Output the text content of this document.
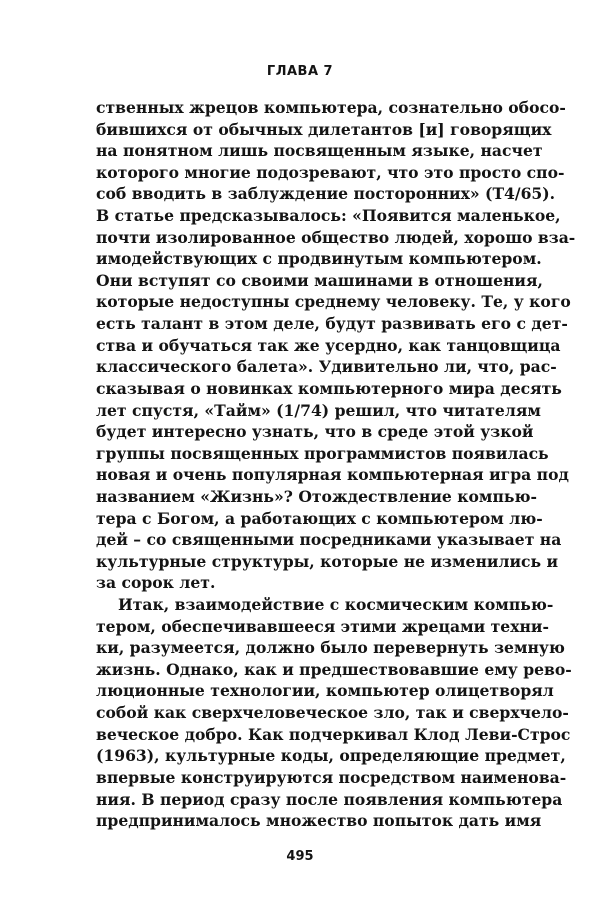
ГЛАВА 7
ственных жрецов компьютера, сознательно обосо-
бившихся от обычных дилетантов [и] говорящих
на понятном лишь посвященным языке, насчет
которого многие подозревают, что это просто спо-
соб вводить в заблуждение посторонних» (Т4/65).
В статье предсказывалось: «Появится маленькое,
почти изолированное общество людей, хорошо вза-
имодействующих с продвинутым компьютером.
Они вступят со своими машинами в отношения,
которые недоступны среднему человеку. Те, у кого
есть талант в этом деле, будут развивать его с дет-
ства и обучаться так же усердно, как танцовщица
классического балета». Удивительно ли, что, рас-
сказывая о новинках компьютерного мира десять
лет спустя, «Тайм» (1/74) решил, что читателям
будет интересно узнать, что в среде этой узкой
группы посвященных программистов появилась
новая и очень популярная компьютерная игра под
названием «Жизнь»? Отождествление компью-
тера с Богом, а работающих с компьютером лю-
дей – со священными посредниками указывает на
культурные структуры, которые не изменились и
за сорок лет.
Итак, взаимодействие с космическим компью-
тером, обеспечивавшееся этими жрецами техни-
ки, разумеется, должно было перевернуть земную
жизнь. Однако, как и предшествовавшие ему рево-
люционные технологии, компьютер олицетворял
собой как сверхчеловеческое зло, так и сверхчело-
веческое добро. Как подчеркивал Клод Леви-Строс
(1963), культурные коды, определяющие предмет,
впервые конструируются посредством наименова-
ния. В период сразу после появления компьютера
предпринималось множество попыток дать имя
495
